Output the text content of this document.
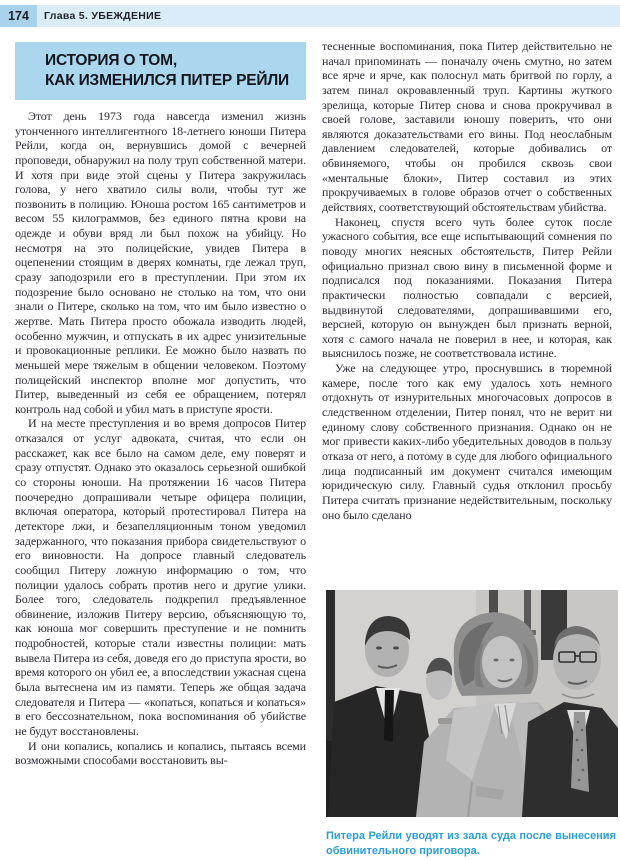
174	Глава 5. УБЕЖДЕНИЕ
ИСТОРИЯ О ТОМ,
КАК ИЗМЕНИЛСЯ ПИТЕР РЕЙЛИ

Этот день 1973 года навсегда изменил жизнь утонченного интеллигентного 18-летнего юноши Питера Рейли, когда он, вернувшись домой с вечерней проповеди, обнаружил на полу труп собственной матери. И хотя при виде этой сцены у Питера закружилась голова, у него хватило силы воли, чтобы тут же позвонить в полицию. Юноша ростом 165 сантиметров и весом 55 килограммов, без единого пятна крови на одежде и обуви вряд ли был похож на убийцу. Но несмотря на это полицейские, увидев Питера в оцепенении стоящим в дверях комнаты, где лежал труп, сразу заподозрили его в преступлении. При этом их подозрение было основано не столько на том, что они знали о Питере, сколько на том, что им было известно о жертве. Мать Питера просто обожала изводить людей, особенно мужчин, и отпускать в их адрес унизительные и провокационные реплики. Ее можно было назвать по меньшей мере тяжелым в общении человеком. Поэтому полицейский инспектор вполне мог допустить, что Питер, выведенный из себя ее обращением, потерял контроль над собой и убил мать в приступе ярости.

И на месте преступления и во время допросов Питер отказался от услуг адвоката, считая, что если он расскажет, как все было на самом деле, ему поверят и сразу отпустят. Однако это оказалось серьезной ошибкой со стороны юноши. На протяжении 16 часов Питера поочередно допрашивали четыре офицера полиции, включая оператора, который протестировал Питера на детекторе лжи, и безапелляционным тоном уведомил задержанного, что показания прибора свидетельствуют о его виновности. На допросе главный следователь сообщил Питеру ложную информацию о том, что полиции удалось собрать против него и другие улики. Более того, следователь подкрепил предъявленное обвинение, изложив Питеру версию, объясняющую то, как юноша мог совершить преступение и не помнить подробностей, которые стали известны полиции: мать вывела Питера из себя, доведя его до приступа ярости, во время которого он убил ее, а впоследствии ужасная сцена была вытеснена им из памяти. Теперь же общая задача следователя и Питера — «копаться, копаться и копаться» в его бессознательном, пока воспоминания об убийстве не будут восстановлены.

И они копались, копались и копались, пытаясь всеми возможными способами восстановить вы-

тесненные воспоминания, пока Питер действительно не начал припоминать — поначалу очень смутно, но затем все ярче и ярче, как полоснул мать бритвой по горлу, а затем пинал окровавленный труп. Картины жуткого зрелища, которые Питер снова и снова прокручивал в своей голове, заставили юношу поверить, что они являются доказательствами его вины. Под неослабным давлением следователей, которые добивались от обвиняемого, чтобы он пробился сквозь свои «ментальные блоки», Питер составил из этих прокручиваемых в голове образов отчет о собственных действиях, соответствующий обстоятельствам убийства.

Наконец, спустя всего чуть более суток после ужасного события, все еще испытывающий сомнения по поводу многих неясных обстоятельств, Питер Рейли официально признал свою вину в письменной форме и подписался под показаниями. Показания Питера практически полностью совпадали с версией, выдвинутой следователями, допрашивавшими его, версией, которую он вынужден был признать верной, хотя с самого начала не поверил в нее, и которая, как выяснилось позже, не соответствовала истине.

Уже на следующее утро, проснувшись в тюремной камере, после того как ему удалось хоть немного отдохнуть от изнурительных многочасовых допросов в следственном отделении, Питер понял, что не верит ни единому слову собственного признания. Однако он не мог привести каких-либо убедительных доводов в пользу отказа от него, а потому в суде для любого официального лица подписанный им документ считался имеющим юридическую силу. Главный судья отклонил просьбу Питера считать признание недействительным, поскольку оно было сделано

Питера Рейли уводят из зала суда после вынесения обвинительного приговора.
